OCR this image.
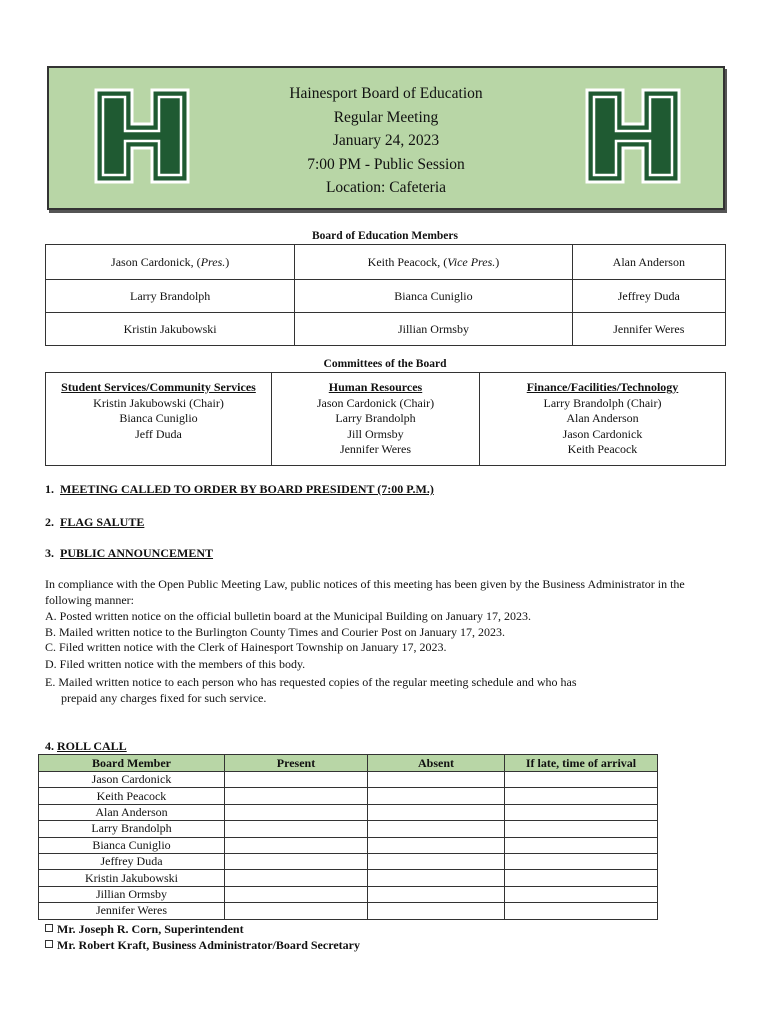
H
Hainesport Board of Education
Regular Meeting
January 24, 2023
7:00 PM - Public Session
Location: Cafeteria
Board of Education Members
Jason Cardonick, (Pres.)	Keith Peacock, (Vice Pres.)	Alan Anderson
Larry Brandolph	Bianca Cuniglio	Jeffrey Duda
Kristin Jakubowski	Jillian Ormsby	Jennifer Weres
Committees of the Board
Student Services/Community Services
Kristin Jakubowski (Chair)
Bianca Cuniglio
Jeff Duda

Human Resources
Jason Cardonick (Chair)
Larry Brandolph
Jill Ormsby
Jennifer Weres

Finance/Facilities/Technology
Larry Brandolph (Chair)
Alan Anderson
Jason Cardonick
Keith Peacock
1. MEETING CALLED TO ORDER BY BOARD PRESIDENT (7:00 P.M.)
2. FLAG SALUTE
3. PUBLIC ANNOUNCEMENT
In compliance with the Open Public Meeting Law, public notices of this meeting has been given by the Business Administrator in the following manner:
A. Posted written notice on the official bulletin board at the Municipal Building on January 17, 2023.
B. Mailed written notice to the Burlington County Times and Courier Post on January 17, 2023.
C. Filed written notice with the Clerk of Hainesport Township on January 17, 2023.
D. Filed written notice with the members of this body.
E. Mailed written notice to each person who has requested copies of the regular meeting schedule and who has
prepaid any charges fixed for such service.
4. ROLL CALL
Board Member	Present	Absent	If late, time of arrival
Jason Cardonick			
Keith Peacock			
Alan Anderson			
Larry Brandolph			
Bianca Cuniglio			
Jeffrey Duda			
Kristin Jakubowski			
Jillian Ormsby			
Jennifer Weres			
Mr. Joseph R. Corn, Superintendent
Mr. Robert Kraft, Business Administrator/Board Secretary
